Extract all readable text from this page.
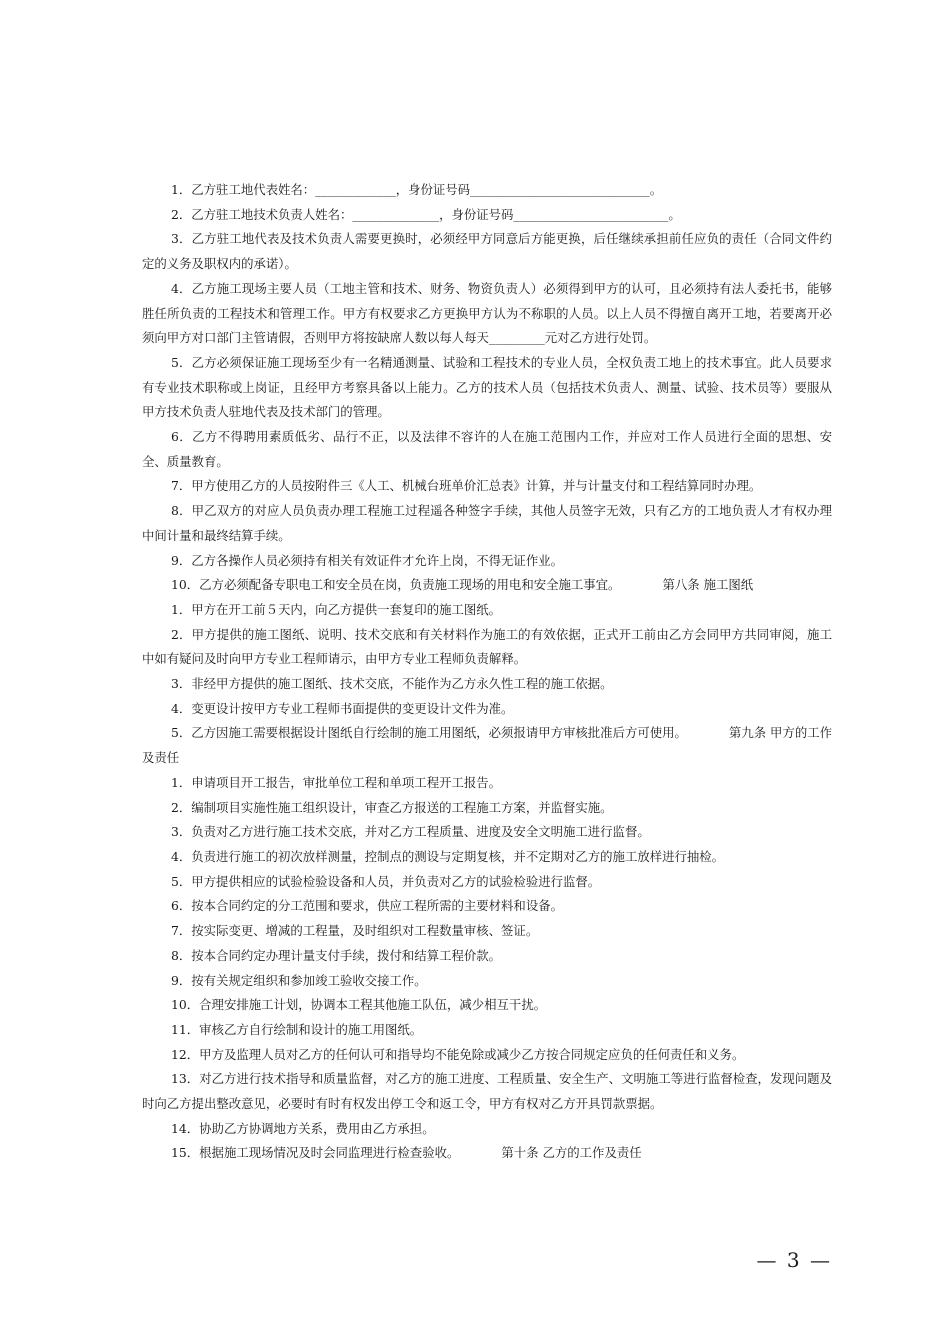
1．乙方驻工地代表姓名：_____________，身份证号码_____________________________。

2．乙方驻工地技术负责人姓名：______________，身份证号码_________________________。

3．乙方驻工地代表及技术负责人需要更换时，必须经甲方同意后方能更换，后任继续承担前任应负的责任（合同文件约定的义务及职权内的承诺）。

4．乙方施工现场主要人员（工地主管和技术、财务、物资负责人）必须得到甲方的认可，且必须持有法人委托书，能够胜任所负责的工程技术和管理工作。甲方有权要求乙方更换甲方认为不称职的人员。以上人员不得擅自离开工地，若要离开必须向甲方对口部门主管请假，否则甲方将按缺席人数以每人每天_________元对乙方进行处罚。

5．乙方必须保证施工现场至少有一名精通测量、试验和工程技术的专业人员，全权负责工地上的技术事宜。此人员要求有专业技术职称或上岗证，且经甲方考察具备以上能力。乙方的技术人员（包括技术负责人、测量、试验、技术员等）要服从甲方技术负责人驻地代表及技术部门的管理。

6．乙方不得聘用素质低劣、品行不正，以及法律不容许的人在施工范围内工作，并应对工作人员进行全面的思想、安全、质量教育。

7．甲方使用乙方的人员按附件三《人工、机械台班单价汇总表》计算，并与计量支付和工程结算同时办理。

8．甲乙双方的对应人员负责办理工程施工过程遥各种签字手续，其他人员签字无效，只有乙方的工地负责人才有权办理中间计量和最终结算手续。

9．乙方各操作人员必须持有相关有效证件才允许上岗，不得无证作业。

10．乙方必须配备专职电工和安全员在岗，负责施工现场的用电和安全施工事宜。	第八条 施工图纸

1．甲方在开工前５天内，向乙方提供一套复印的施工图纸。

2．甲方提供的施工图纸、说明、技术交底和有关材料作为施工的有效依据，正式开工前由乙方会同甲方共同审阅，施工中如有疑问及时向甲方专业工程师请示，由甲方专业工程师负责解释。

3．非经甲方提供的施工图纸、技术交底，不能作为乙方永久性工程的施工依据。

4．变更设计按甲方专业工程师书面提供的变更设计文件为准。

5．乙方因施工需要根据设计图纸自行绘制的施工用图纸，必须报请甲方审核批准后方可使用。	第九条 甲方的工作及责任

1．申请项目开工报告，审批单位工程和单项工程开工报告。

2．编制项目实施性施工组织设计，审查乙方报送的工程施工方案，并监督实施。

3．负责对乙方进行施工技术交底，并对乙方工程质量、进度及安全文明施工进行监督。

4．负责进行施工的初次放样测量，控制点的测设与定期复核，并不定期对乙方的施工放样进行抽检。

5．甲方提供相应的试验检验设备和人员，并负责对乙方的试验检验进行监督。

6．按本合同约定的分工范围和要求，供应工程所需的主要材料和设备。

7．按实际变更、增减的工程量，及时组织对工程数量审核、签证。

8．按本合同约定办理计量支付手续，拨付和结算工程价款。

9．按有关规定组织和参加竣工验收交接工作。

10．合理安排施工计划，协调本工程其他施工队伍，减少相互干扰。

11．审核乙方自行绘制和设计的施工用图纸。

12．甲方及监理人员对乙方的任何认可和指导均不能免除或减少乙方按合同规定应负的任何责任和义务。

13．对乙方进行技术指导和质量监督，对乙方的施工进度、工程质量、安全生产、文明施工等进行监督检查，发现问题及时向乙方提出整改意见，必要时有时有权发出停工令和返工令，甲方有权对乙方开具罚款票据。

14．协助乙方协调地方关系，费用由乙方承担。

15．根据施工现场情况及时会同监理进行检查验收。	第十条 乙方的工作及责任

— 3 —
